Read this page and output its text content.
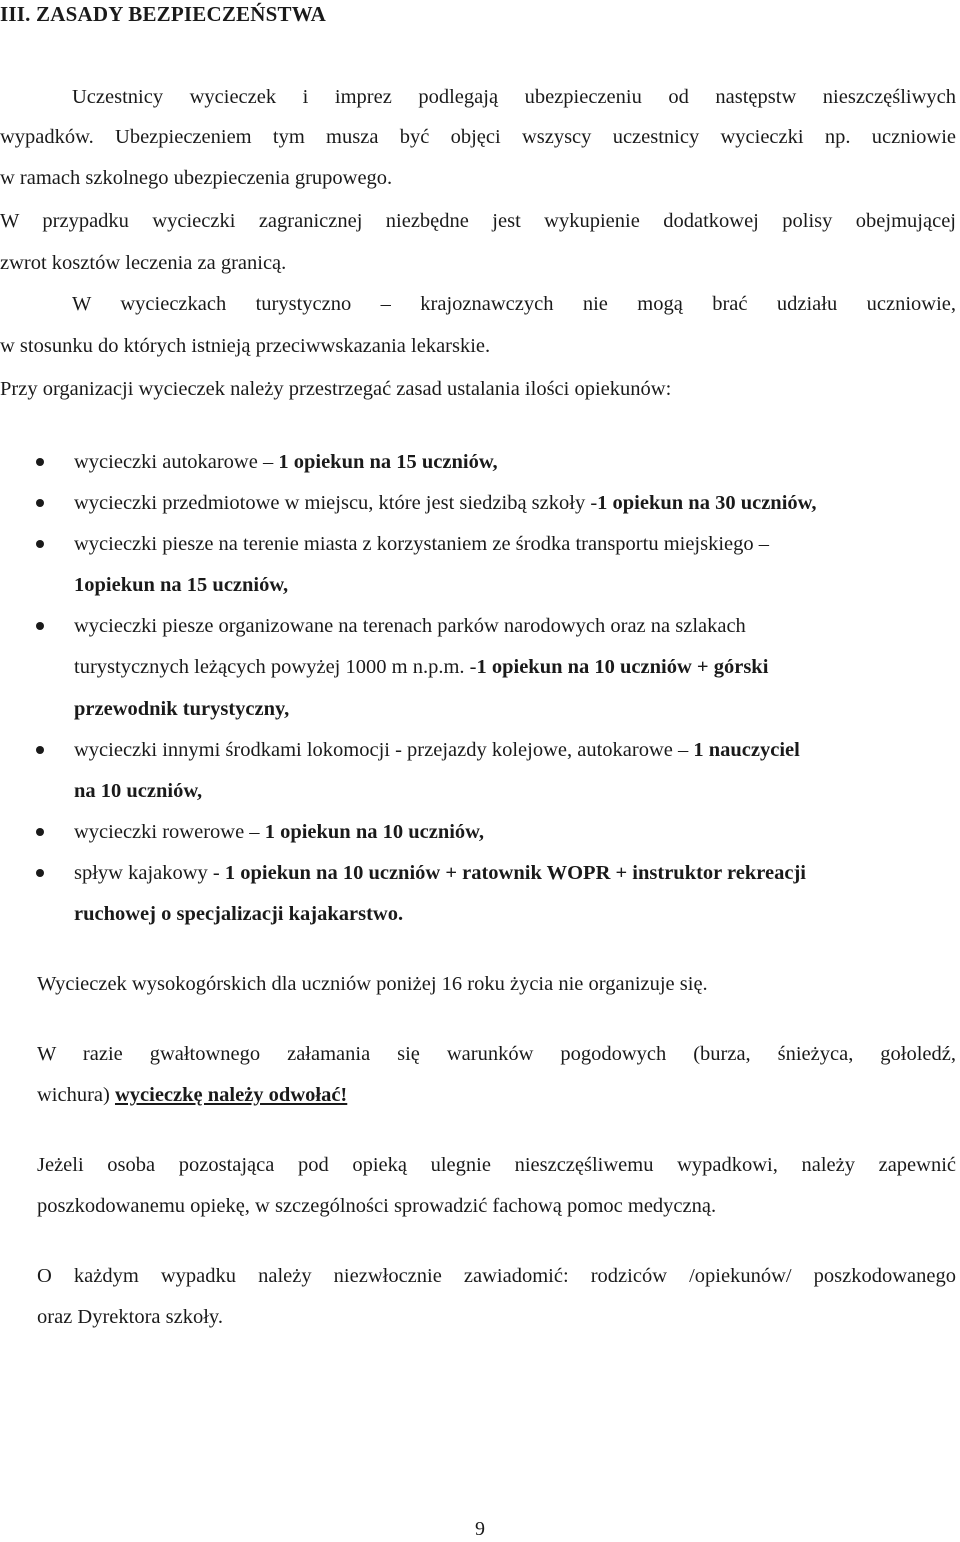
III. ZASADY BEZPIECZEŃSTWA
Uczestnicy wycieczek i imprez podlegają ubezpieczeniu od następstw nieszczęśliwych
wypadków. Ubezpieczeniem tym musza być objęci wszyscy uczestnicy wycieczki np. uczniowie
w ramach szkolnego ubezpieczenia grupowego.
W przypadku wycieczki zagranicznej niezbędne jest wykupienie dodatkowej polisy obejmującej
zwrot kosztów leczenia za granicą.
W wycieczkach turystyczno – krajoznawczych nie mogą brać udziału uczniowie,
w stosunku do których istnieją przeciwwskazania lekarskie.
Przy organizacji wycieczek należy przestrzegać zasad ustalania ilości opiekunów:
wycieczki autokarowe – 1 opiekun na 15 uczniów,
wycieczki przedmiotowe w miejscu, które jest siedzibą szkoły -1 opiekun na 30 uczniów,
wycieczki piesze na terenie miasta z korzystaniem ze środka transportu miejskiego –
1opiekun na 15 uczniów,
wycieczki piesze organizowane na terenach parków narodowych oraz na szlakach
turystycznych leżących powyżej 1000 m n.p.m. -1 opiekun na 10 uczniów + górski
przewodnik turystyczny,
wycieczki innymi środkami lokomocji - przejazdy kolejowe, autokarowe – 1 nauczyciel
na 10 uczniów,
wycieczki rowerowe – 1 opiekun na 10 uczniów,
spływ kajakowy - 1 opiekun na 10 uczniów + ratownik WOPR + instruktor rekreacji
ruchowej o specjalizacji kajakarstwo.
Wycieczek wysokogórskich dla uczniów poniżej 16 roku życia nie organizuje się.
W razie gwałtownego załamania się warunków pogodowych (burza, śnieżyca, gołoledź,
wichura) wycieczkę należy odwołać!
Jeżeli osoba pozostająca pod opieką ulegnie nieszczęśliwemu wypadkowi, należy zapewnić
poszkodowanemu opiekę, w szczególności sprowadzić fachową pomoc medyczną.
O każdym wypadku należy niezwłocznie zawiadomić: rodziców /opiekunów/ poszkodowanego
oraz Dyrektora szkoły.
9
